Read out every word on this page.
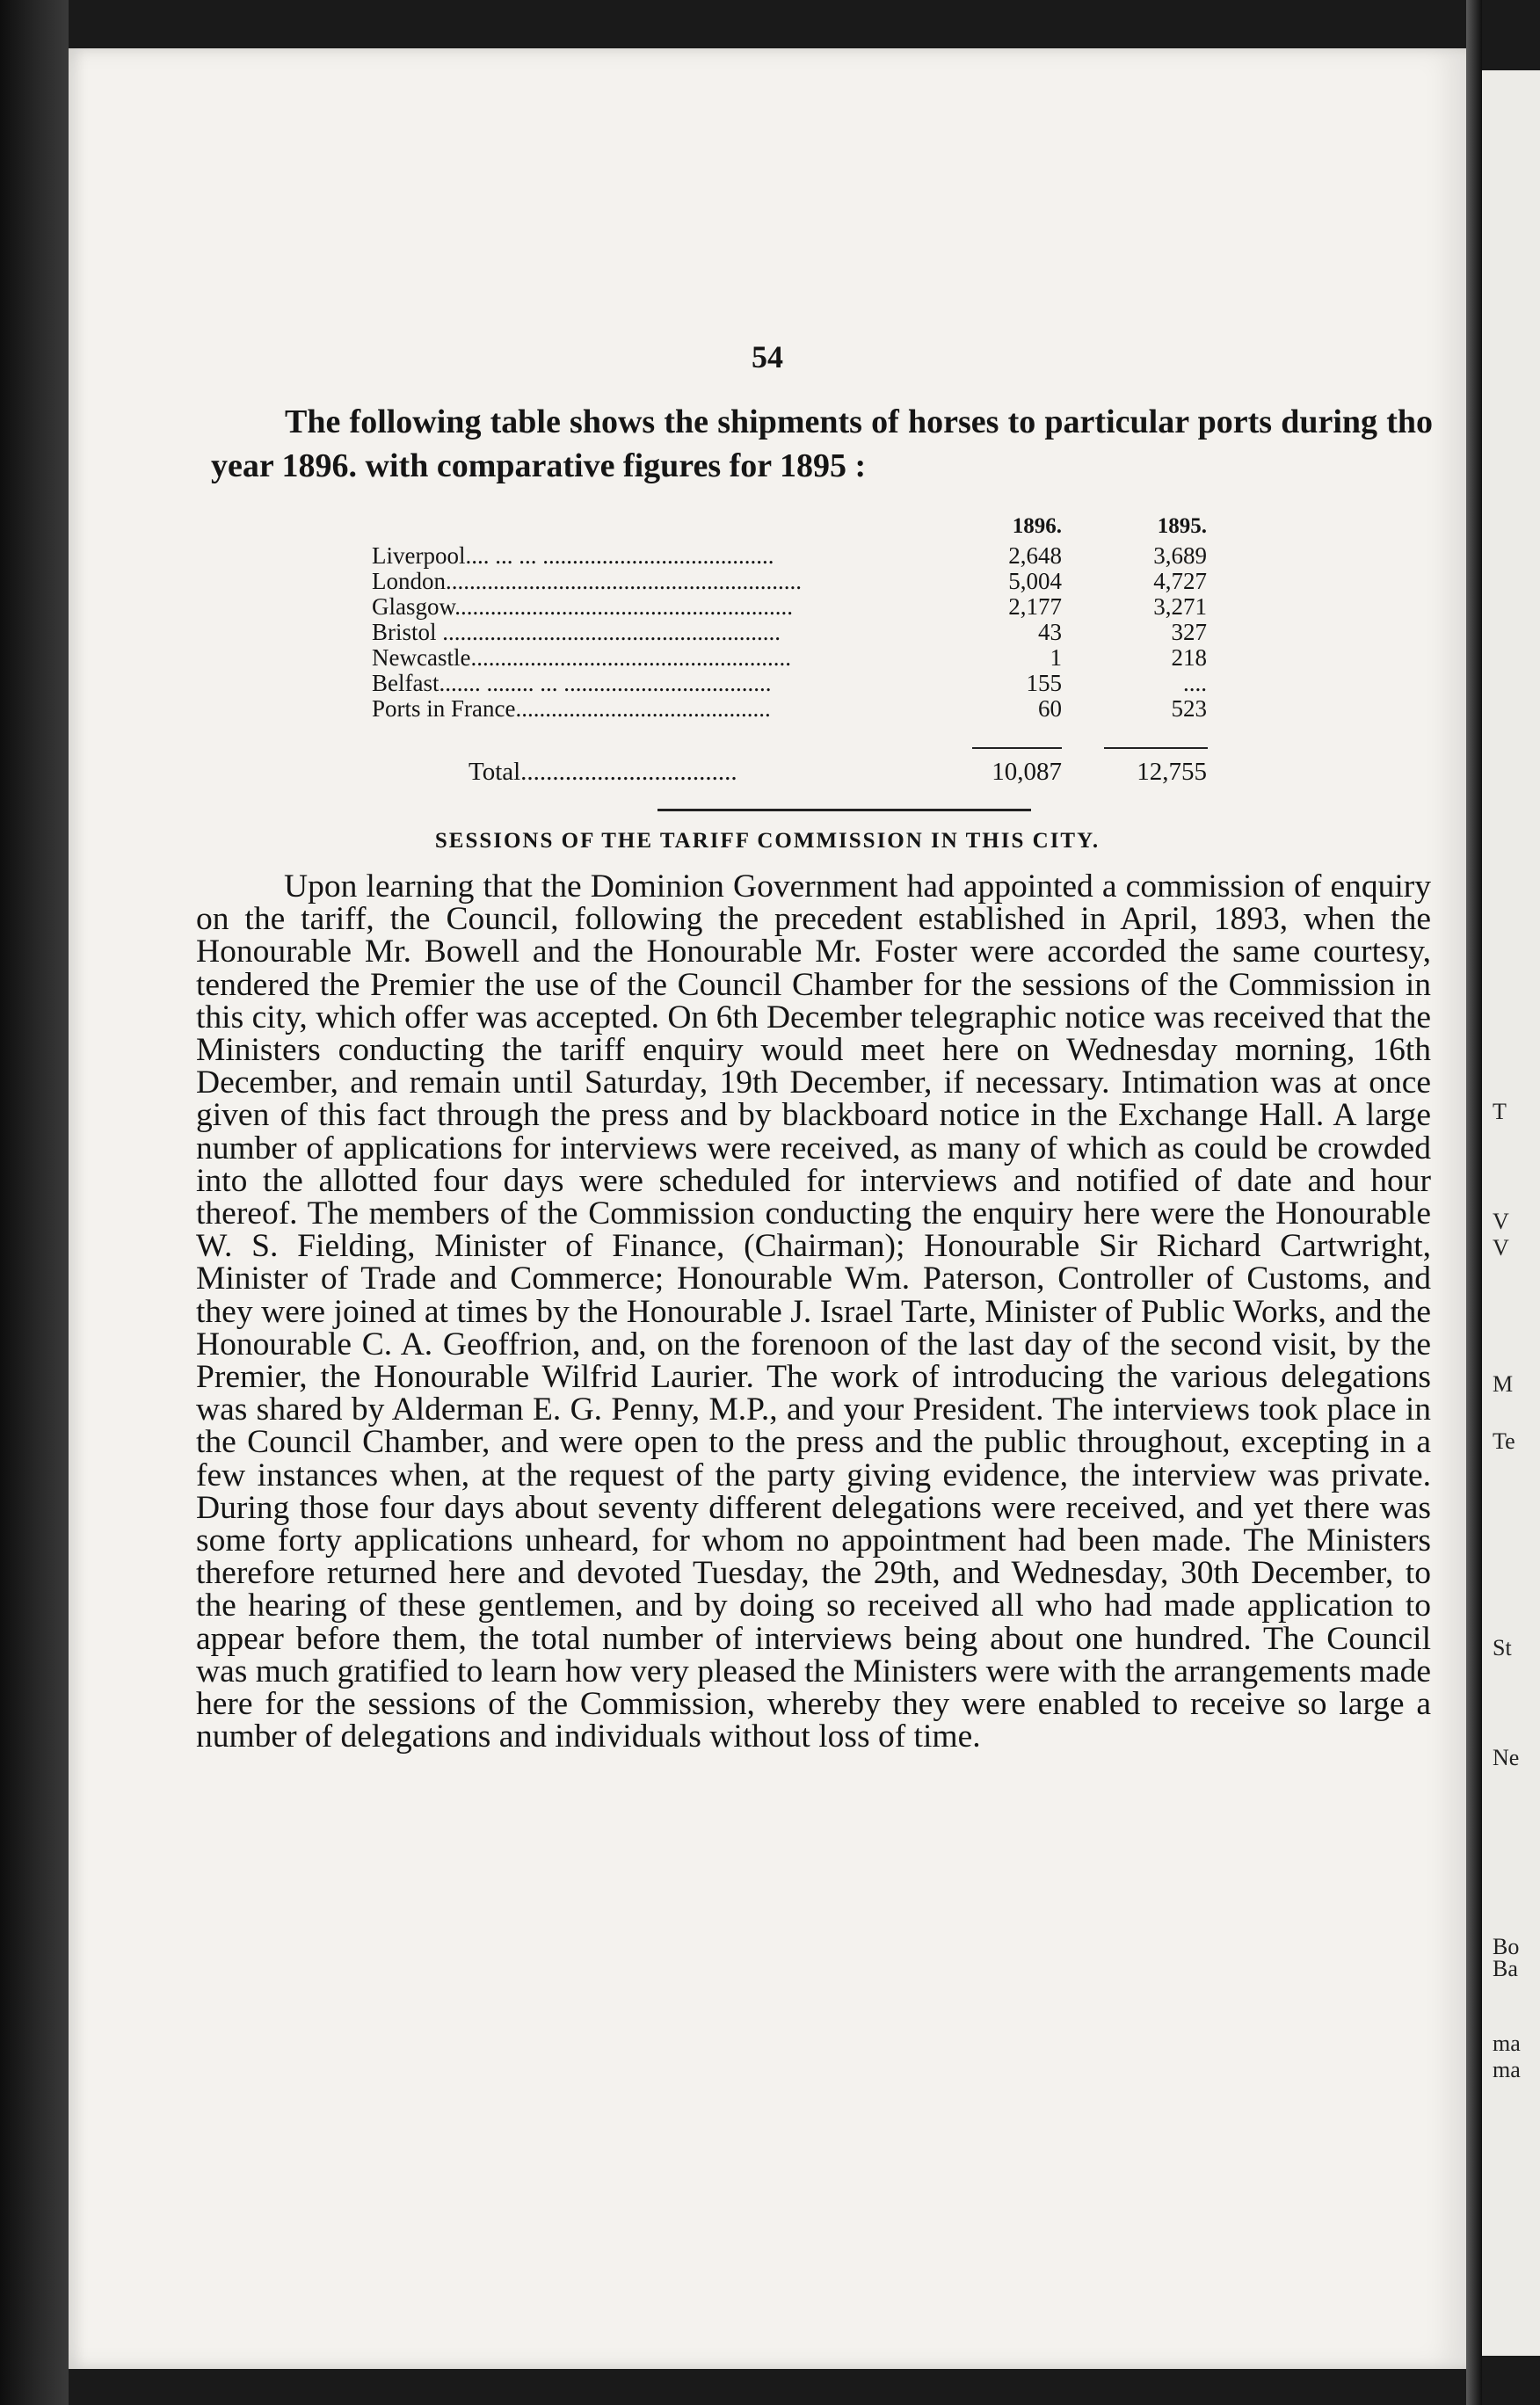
54
The following table shows the shipments of horses to particular ports during tho year 1896. with comparative figures for 1895 :
1896.	1895.
Liverpool.... ... ... .......................................	2,648	3,689
London............................................................	5,004	4,727
Glasgow.........................................................	2,177	3,271
Bristol .........................................................	43	327
Newcastle......................................................	1	218
Belfast....... ........ ... ...................................	155	....
Ports in France...........................................	60	523
Total..................................	10,087	12,755
SESSIONS OF THE TARIFF COMMISSION IN THIS CITY.
Upon learning that the Dominion Government had appointed a commission of enquiry on the tariff, the Council, following the precedent established in April, 1893, when the Honourable Mr. Bowell and the Honourable Mr. Foster were accorded the same courtesy, tendered the Premier the use of the Council Chamber for the sessions of the Commission in this city, which offer was accepted. On 6th December telegraphic notice was received that the Ministers conducting the tariff enquiry would meet here on Wednesday morning, 16th December, and remain until Saturday, 19th December, if necessary. Intimation was at once given of this fact through the press and by blackboard notice in the Exchange Hall. A large number of applications for interviews were received, as many of which as could be crowded into the allotted four days were scheduled for interviews and notified of date and hour thereof. The members of the Commission conducting the enquiry here were the Honourable W. S. Fielding, Minister of Finance, (Chairman); Honourable Sir Richard Cartwright, Minister of Trade and Commerce; Honourable Wm. Paterson, Controller of Customs, and they were joined at times by the Honourable J. Israel Tarte, Minister of Public Works, and the Honourable C. A. Geoffrion, and, on the forenoon of the last day of the second visit, by the Premier, the Honourable Wilfrid Laurier. The work of introducing the various delegations was shared by Alderman E. G. Penny, M.P., and your President. The interviews took place in the Council Chamber, and were open to the press and the public throughout, excepting in a few instances when, at the request of the party giving evidence, the interview was private. During those four days about seventy different delegations were received, and yet there was some forty applications unheard, for whom no appointment had been made. The Ministers therefore returned here and devoted Tuesday, the 29th, and Wednesday, 30th December, to the hearing of these gentlemen, and by doing so received all who had made application to appear before them, the total number of interviews being about one hundred. The Council was much gratified to learn how very pleased the Ministers were with the arrangements made here for the sessions of the Commission, whereby they were enabled to receive so large a number of delegations and individuals without loss of time.
T
V
V
M
Te
St
Ne
Bo
Ba
ma
ma
